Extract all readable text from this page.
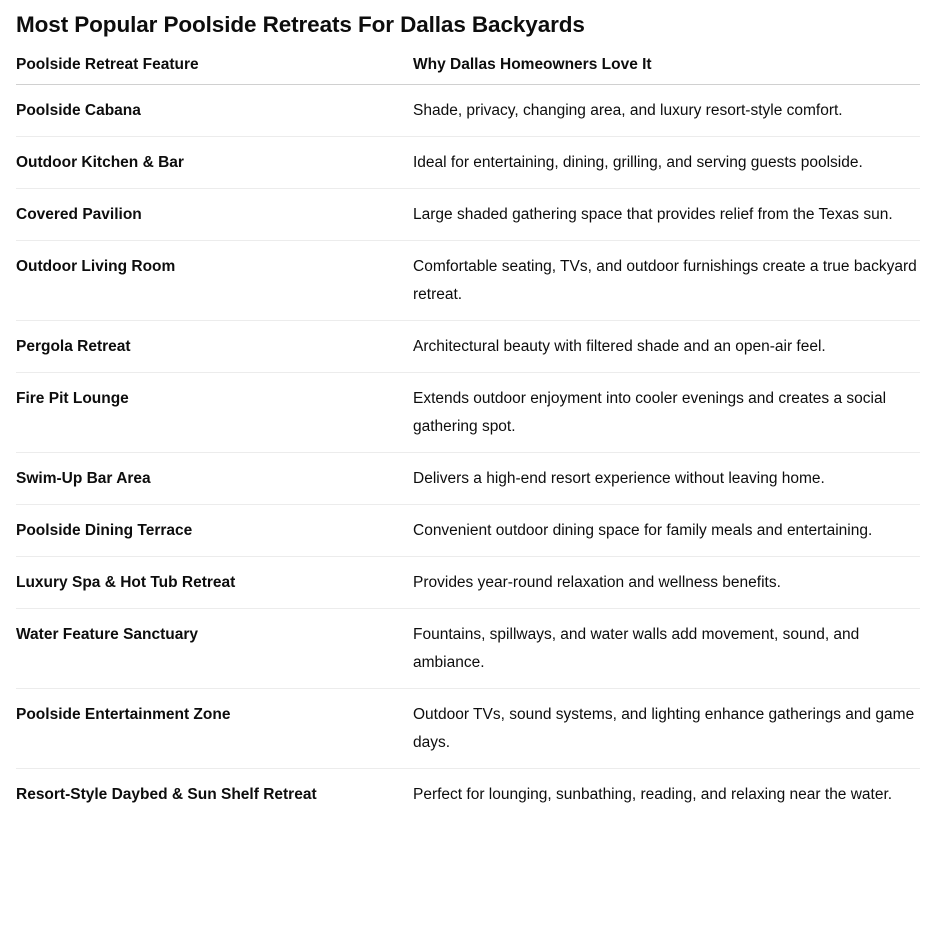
Most Popular Poolside Retreats For Dallas Backyards
Poolside Retreat Feature	Why Dallas Homeowners Love It
Poolside Cabana	Shade, privacy, changing area, and luxury resort-style comfort.
Outdoor Kitchen & Bar	Ideal for entertaining, dining, grilling, and serving guests poolside.
Covered Pavilion	Large shaded gathering space that provides relief from the Texas sun.
Outdoor Living Room	Comfortable seating, TVs, and outdoor furnishings create a true backyard retreat.
Pergola Retreat	Architectural beauty with filtered shade and an open-air feel.
Fire Pit Lounge	Extends outdoor enjoyment into cooler evenings and creates a social gathering spot.
Swim-Up Bar Area	Delivers a high-end resort experience without leaving home.
Poolside Dining Terrace	Convenient outdoor dining space for family meals and entertaining.
Luxury Spa & Hot Tub Retreat	Provides year-round relaxation and wellness benefits.
Water Feature Sanctuary	Fountains, spillways, and water walls add movement, sound, and ambiance.
Poolside Entertainment Zone	Outdoor TVs, sound systems, and lighting enhance gatherings and game days.
Resort-Style Daybed & Sun Shelf Retreat	Perfect for lounging, sunbathing, reading, and relaxing near the water.
